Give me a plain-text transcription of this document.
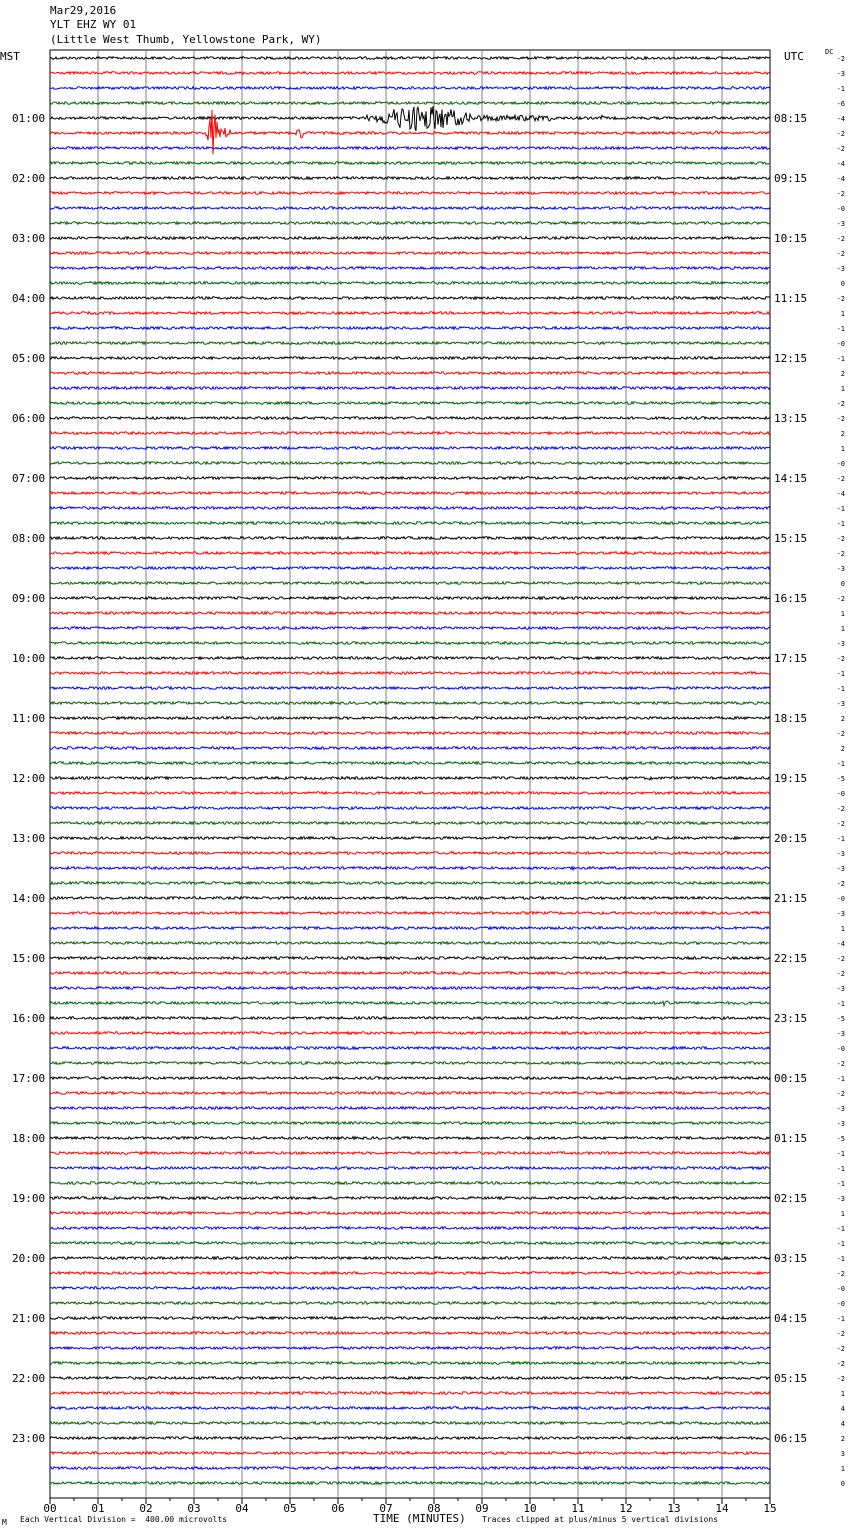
Mar29,2016
YLT EHZ WY 01
(Little West Thumb, Yellowstone Park, WY)
MST	UTC	DC
00	01	02	03	04	05	06	07	08	09	10	11	12	13	14	15
-2
-3
-1
-6
-4
-2
-2
-4
-4
-2
-0
-3
-2
-2
-3
0
-2
1
-1
-0
-1
2
1
-2
-2
2
1
-0
-2
-4
-1
-1
-2
-2
-3
0
-2
1
1
-3
-2
-1
-1
-3
2
-2
2
-1
-5
-0
-2
-2
-1
-3
-3
-2
-0
-3
1
-4
-2
-2
-3
-1
-5
-3
-0
-2
-1
-2
-3
-3
-5
-1
-1
-1
-3
1
-1
-1
-1
-2
-0
-0
-1
-2
-2
-2
-2
1
4
4
2
3
1
0
01:00
02:00
03:00
04:00
05:00
06:00
07:00
08:00
09:00
10:00
11:00
12:00
13:00
14:00
15:00
16:00
17:00
18:00
19:00
20:00
21:00
22:00
23:00
08:15
09:15
10:15
11:15
12:15
13:15
14:15
15:15
16:15
17:15
18:15
19:15
20:15
21:15
22:15
23:15
00:15
01:15
02:15
03:15
04:15
05:15
06:15
M Each Vertical Division =  400.00 microvolts	TIME (MINUTES) Traces clipped at plus/minus 5 vertical divisions
